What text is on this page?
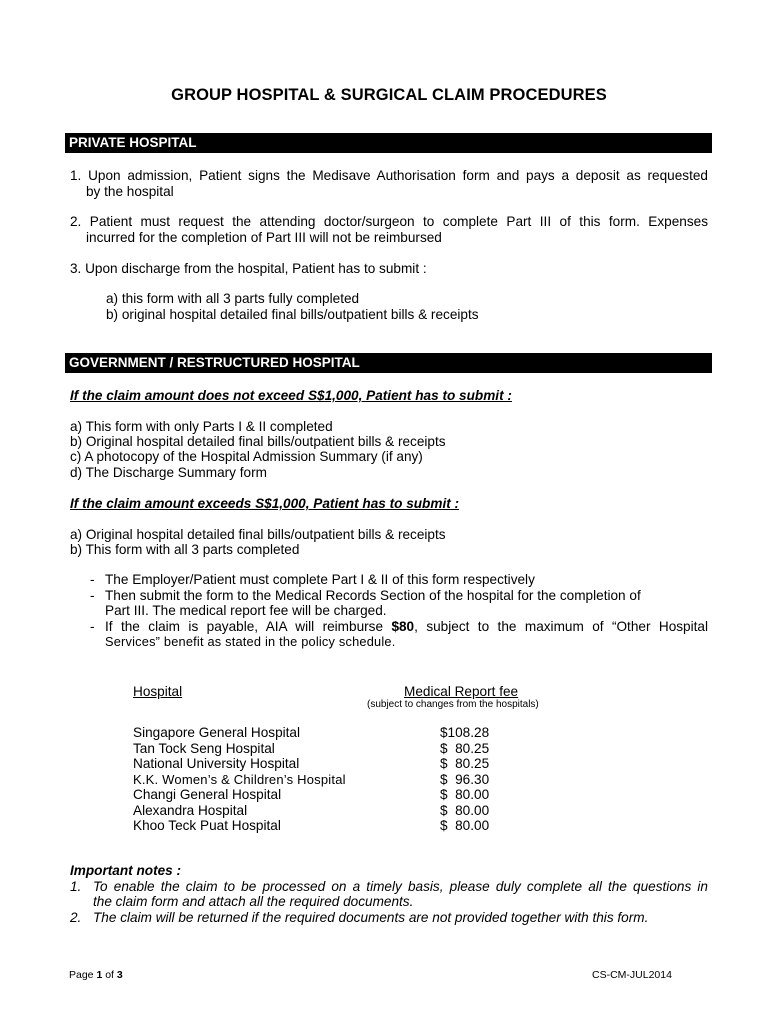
GROUP HOSPITAL & SURGICAL CLAIM PROCEDURES
PRIVATE HOSPITAL
1. Upon admission, Patient signs the Medisave Authorisation form and pays a deposit as requested
by the hospital
2. Patient must request the attending doctor/surgeon to complete Part III of this form. Expenses
incurred for the completion of Part III will not be reimbursed
3. Upon discharge from the hospital, Patient has to submit :
a) this form with all 3 parts fully completed
b) original hospital detailed final bills/outpatient bills & receipts
GOVERNMENT / RESTRUCTURED HOSPITAL
If the claim amount does not exceed S$1,000, Patient has to submit :
a) This form with only Parts I & II completed
b) Original hospital detailed final bills/outpatient bills & receipts
c) A photocopy of the Hospital Admission Summary (if any)
d) The Discharge Summary form
If the claim amount exceeds S$1,000, Patient has to submit :
a) Original hospital detailed final bills/outpatient bills & receipts
b) This form with all 3 parts completed
- The Employer/Patient must complete Part I & II of this form respectively
- Then submit the form to the Medical Records Section of the hospital for the completion of
Part III. The medical report fee will be charged.
- If the claim is payable, AIA will reimburse $80, subject to the maximum of “Other Hospital
Services” benefit as stated in the policy schedule.
Hospital	Medical Report fee
(subject to changes from the hospitals)
Singapore General Hospital	$108.28
Tan Tock Seng Hospital	$  80.25
National University Hospital	$  80.25
K.K. Women’s & Children’s Hospital	$  96.30
Changi General Hospital	$  80.00
Alexandra Hospital	$  80.00
Khoo Teck Puat Hospital	$  80.00
Important notes :
1. To enable the claim to be processed on a timely basis, please duly complete all the questions in
the claim form and attach all the required documents.
2. The claim will be returned if the required documents are not provided together with this form.
Page 1 of 3	CS-CM-JUL2014
